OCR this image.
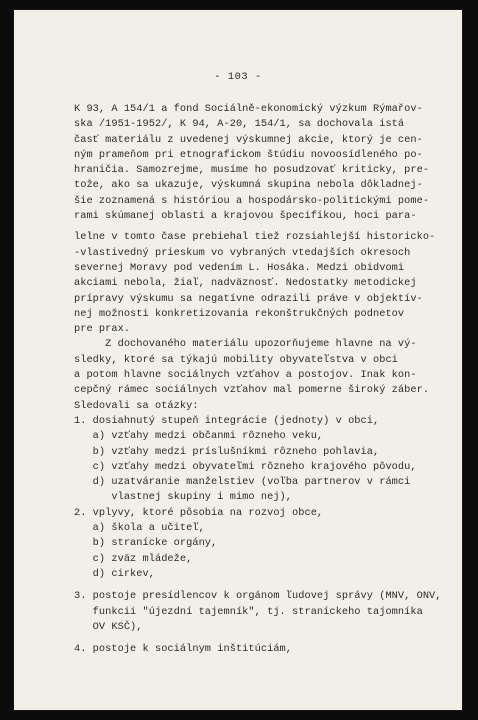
- 103 -

K 93, A 154/1 a fond Sociálně-ekonomický výzkum Rýmařov-

ska /1951-1952/, K 94, A-20, 154/1, sa dochovala istá

časť materiálu z uvedenej výskumnej akcie, ktorý je cen-

ným prameňom pri etnografickom štúdiu novoosídleného po-

hraničia. Samozrejme, musíme ho posudzovať kriticky, pre-

tože, ako sa ukazuje, výskumná skupina nebola dôkladnej-

šie zoznamená s históriou a hospodársko-politickými pome-

rami skúmanej oblasti a krajovou špecifikou, hoci para-

lelne v tomto čase prebiehal tiež rozsiahlejší historicko-

-vlastivedný prieskum vo vybraných vtedajších okresoch

severnej Moravy pod vedením L. Hosáka. Medzi obidvomi

akciami nebola, žiaľ, nadväznosť. Nedostatky metodickej

prípravy výskumu sa negatívne odrazili práve v objektív-

nej možnosti konkretizovania rekonštrukčných podnetov

pre prax.

Z dochovaného materiálu upozorňujeme hlavne na vý-

sledky, ktoré sa týkajú mobility obyvateľstva v obci

a potom hlavne sociálnych vzťahov a postojov. Inak kon-

cepčný rámec sociálnych vzťahov mal pomerne široký záber.

Sledovali sa otázky:

1. dosiahnutý stupeň integrácie (jednoty) v obci,

a) vzťahy medzi občanmi rôzneho veku,

b) vzťahy medzi príslušníkmi rôzneho pohlavia,

c) vzťahy medzi obyvateľmi rôzneho krajového pôvodu,

d) uzatváranie manželstiev (voľba partnerov v rámci

vlastnej skupiny i mimo nej),

2. vplyvy, ktoré pôsobia na rozvoj obce,

a) škola a učiteľ,

b) stranícke orgány,

c) zväz mládeže,

d) cirkev,

3. postoje presídlencov k orgánom ľudovej správy (MNV, ONV,

funkcii "újezdní tajemník", tj. straníckeho tajomníka

OV KSČ),

4. postoje k sociálnym inštitúciám,
